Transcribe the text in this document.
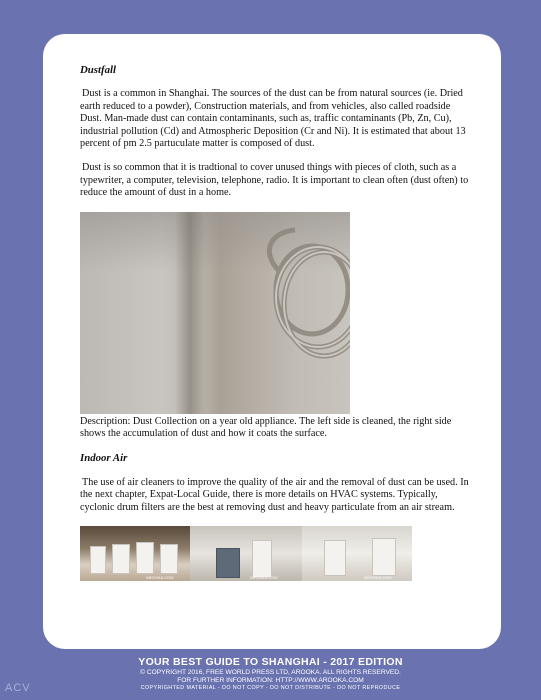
Dustfall

Dust is a common in Shanghai. The sources of the dust can be from natural sources (ie. Dried earth reduced to a powder), Construction materials, and from vehicles, also called roadside Dust. Man-made dust can contain contaminants, such as, traffic contaminants (Pb, Zn, Cu), industrial pollution (Cd) and Atmospheric Deposition (Cr and Ni). It is estimated that about 13 percent of pm 2.5 partuculate matter is composed of dust.

Dust is so common that it is tradtional to cover unused things with pieces of cloth, such as a typewriter, a computer, television, telephone, radio. It is important to clean often (dust often) to reduce the amount of dust in a home.

Description: Dust Collection on a year old appliance. The left side is cleaned, the right side shows the accumulation of dust and how it coats the surface.

Indoor Air

The use of air cleaners to improve the quality of the air and the removal of dust can be used. In the next chapter, Expat-Local Guide, there is more details on HVAC systems. Typically, cyclonic drum filters are the best at removing dust and heavy particulate from an air stream.

AROOKA.COM	AROOKA.COM	AROOKA.COM
YOUR BEST GUIDE TO SHANGHAI - 2017 EDITION
© COPYRIGHT 2016, FREE WORLD PRESS LTD, AROOKA. ALL RIGHTS RESERVED.
FOR FURTHER INFORMATION: HTTP://WWW.AROOKA.COM
COPYRIGHTED MATERIAL - DO NOT COPY - DO NOT DISTRIBUTE - DO NOT REPRODUCE
ACV
